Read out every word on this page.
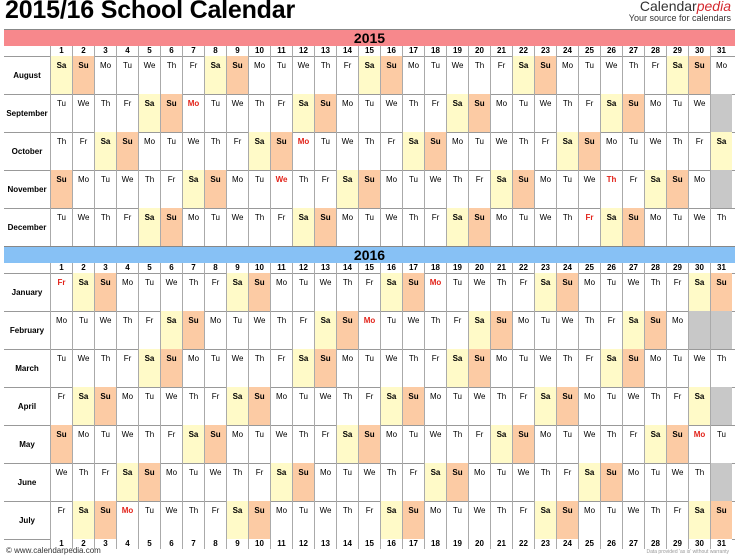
2015/16 School Calendar	Calendarpedia
Your source for calendars
2015
1	2	3	4	5	6	7	8	9	10	11	12	13	14	15	16	17	18	19	20	21	22	23	24	25	26	27	28	29	30	31
August
Sa	Su	Mo	Tu	We	Th	Fr	Sa	Su	Mo	Tu	We	Th	Fr	Sa	Su	Mo	Tu	We	Th	Fr	Sa	Su	Mo	Tu	We	Th	Fr	Sa	Su	Mo
September
Tu	We	Th	Fr	Sa	Su	Mo	Tu	We	Th	Fr	Sa	Su	Mo	Tu	We	Th	Fr	Sa	Su	Mo	Tu	We	Th	Fr	Sa	Su	Mo	Tu	We
October
Th	Fr	Sa	Su	Mo	Tu	We	Th	Fr	Sa	Su	Mo	Tu	We	Th	Fr	Sa	Su	Mo	Tu	We	Th	Fr	Sa	Su	Mo	Tu	We	Th	Fr	Sa
November
Su	Mo	Tu	We	Th	Fr	Sa	Su	Mo	Tu	We	Th	Fr	Sa	Su	Mo	Tu	We	Th	Fr	Sa	Su	Mo	Tu	We	Th	Fr	Sa	Su	Mo
December
Tu	We	Th	Fr	Sa	Su	Mo	Tu	We	Th	Fr	Sa	Su	Mo	Tu	We	Th	Fr	Sa	Su	Mo	Tu	We	Th	Fr	Sa	Su	Mo	Tu	We	Th
2016
1	2	3	4	5	6	7	8	9	10	11	12	13	14	15	16	17	18	19	20	21	22	23	24	25	26	27	28	29	30	31
January
Fr	Sa	Su	Mo	Tu	We	Th	Fr	Sa	Su	Mo	Tu	We	Th	Fr	Sa	Su	Mo	Tu	We	Th	Fr	Sa	Su	Mo	Tu	We	Th	Fr	Sa	Su
February
Mo	Tu	We	Th	Fr	Sa	Su	Mo	Tu	We	Th	Fr	Sa	Su	Mo	Tu	We	Th	Fr	Sa	Su	Mo	Tu	We	Th	Fr	Sa	Su	Mo
March
Tu	We	Th	Fr	Sa	Su	Mo	Tu	We	Th	Fr	Sa	Su	Mo	Tu	We	Th	Fr	Sa	Su	Mo	Tu	We	Th	Fr	Sa	Su	Mo	Tu	We	Th
April
Fr	Sa	Su	Mo	Tu	We	Th	Fr	Sa	Su	Mo	Tu	We	Th	Fr	Sa	Su	Mo	Tu	We	Th	Fr	Sa	Su	Mo	Tu	We	Th	Fr	Sa
May
Su	Mo	Tu	We	Th	Fr	Sa	Su	Mo	Tu	We	Th	Fr	Sa	Su	Mo	Tu	We	Th	Fr	Sa	Su	Mo	Tu	We	Th	Fr	Sa	Su	Mo	Tu
June
We	Th	Fr	Sa	Su	Mo	Tu	We	Th	Fr	Sa	Su	Mo	Tu	We	Th	Fr	Sa	Su	Mo	Tu	We	Th	Fr	Sa	Su	Mo	Tu	We	Th
July
Fr	Sa	Su	Mo	Tu	We	Th	Fr	Sa	Su	Mo	Tu	We	Th	Fr	Sa	Su	Mo	Tu	We	Th	Fr	Sa	Su	Mo	Tu	We	Th	Fr	Sa	Su
1	2	3	4	5	6	7	8	9	10	11	12	13	14	15	16	17	18	19	20	21	22	23	24	25	26	27	28	29	30	31
© www.calendarpedia.com	Data provided 'as is' without warranty
